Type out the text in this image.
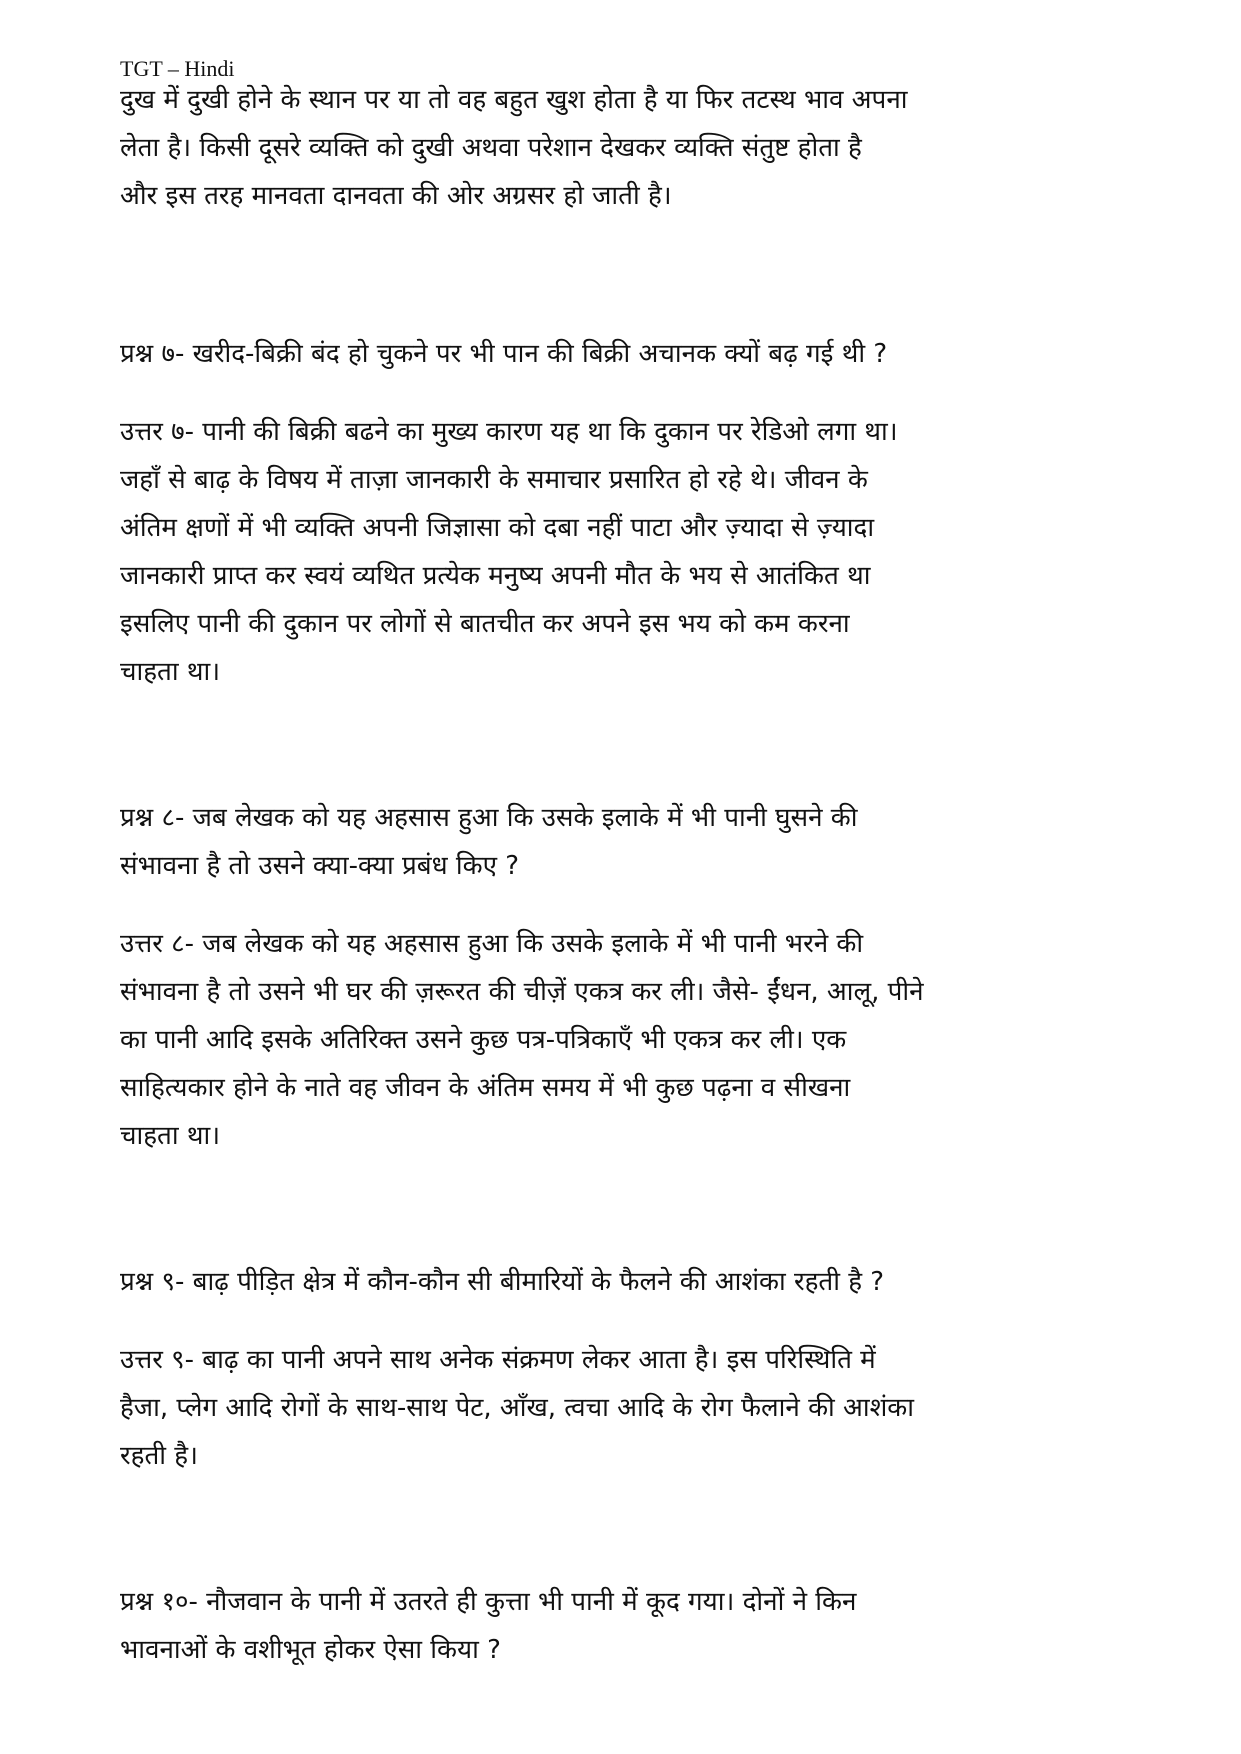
TGT – Hindi
दुख में दुखी होने के स्थान पर या तो वह बहुत खुश होता है या फिर तटस्थ भाव अपना
लेता है। किसी दूसरे व्यक्ति को दुखी अथवा परेशान देखकर व्यक्ति संतुष्ट होता है
और इस तरह मानवता दानवता की ओर अग्रसर हो जाती है।
प्रश्न ७- खरीद-बिक्री बंद हो चुकने पर भी पान की बिक्री अचानक क्यों बढ़ गई थी ?
उत्तर ७- पानी की बिक्री बढने का मुख्य कारण यह था कि दुकान पर रेडिओ लगा था।
जहाँ से बाढ़ के विषय में ताज़ा जानकारी के समाचार प्रसारित हो रहे थे। जीवन के
अंतिम क्षणों में भी व्यक्ति अपनी जिज्ञासा को दबा नहीं पाटा और ज़्यादा से ज़्यादा
जानकारी प्राप्त कर स्वयं व्यथित प्रत्येक मनुष्य अपनी मौत के भय से आतंकित था
इसलिए पानी की दुकान पर लोगों से बातचीत कर अपने इस भय को कम करना
चाहता था।
प्रश्न ८- जब लेखक को यह अहसास हुआ कि उसके इलाके में भी पानी घुसने की
संभावना है तो उसने क्या-क्या प्रबंध किए ?
उत्तर ८- जब लेखक को यह अहसास हुआ कि उसके इलाके में भी पानी भरने की
संभावना है तो उसने भी घर की ज़रूरत की चीज़ें एकत्र कर ली। जैसे- ईंधन, आलू, पीने
का पानी आदि इसके अतिरिक्त उसने कुछ पत्र-पत्रिकाएँ भी एकत्र कर ली। एक
साहित्यकार होने के नाते वह जीवन के अंतिम समय में भी कुछ पढ़ना व सीखना
चाहता था।
प्रश्न ९- बाढ़ पीड़ित क्षेत्र में कौन-कौन सी बीमारियों के फैलने की आशंका रहती है ?
उत्तर ९- बाढ़ का पानी अपने साथ अनेक संक्रमण लेकर आता है। इस परिस्थिति में
हैजा, प्लेग आदि रोगों के साथ-साथ पेट, आँख, त्वचा आदि के रोग फैलाने की आशंका
रहती है।
प्रश्न १०- नौजवान के पानी में उतरते ही कुत्ता भी पानी में कूद गया। दोनों ने किन
भावनाओं के वशीभूत होकर ऐसा किया ?
